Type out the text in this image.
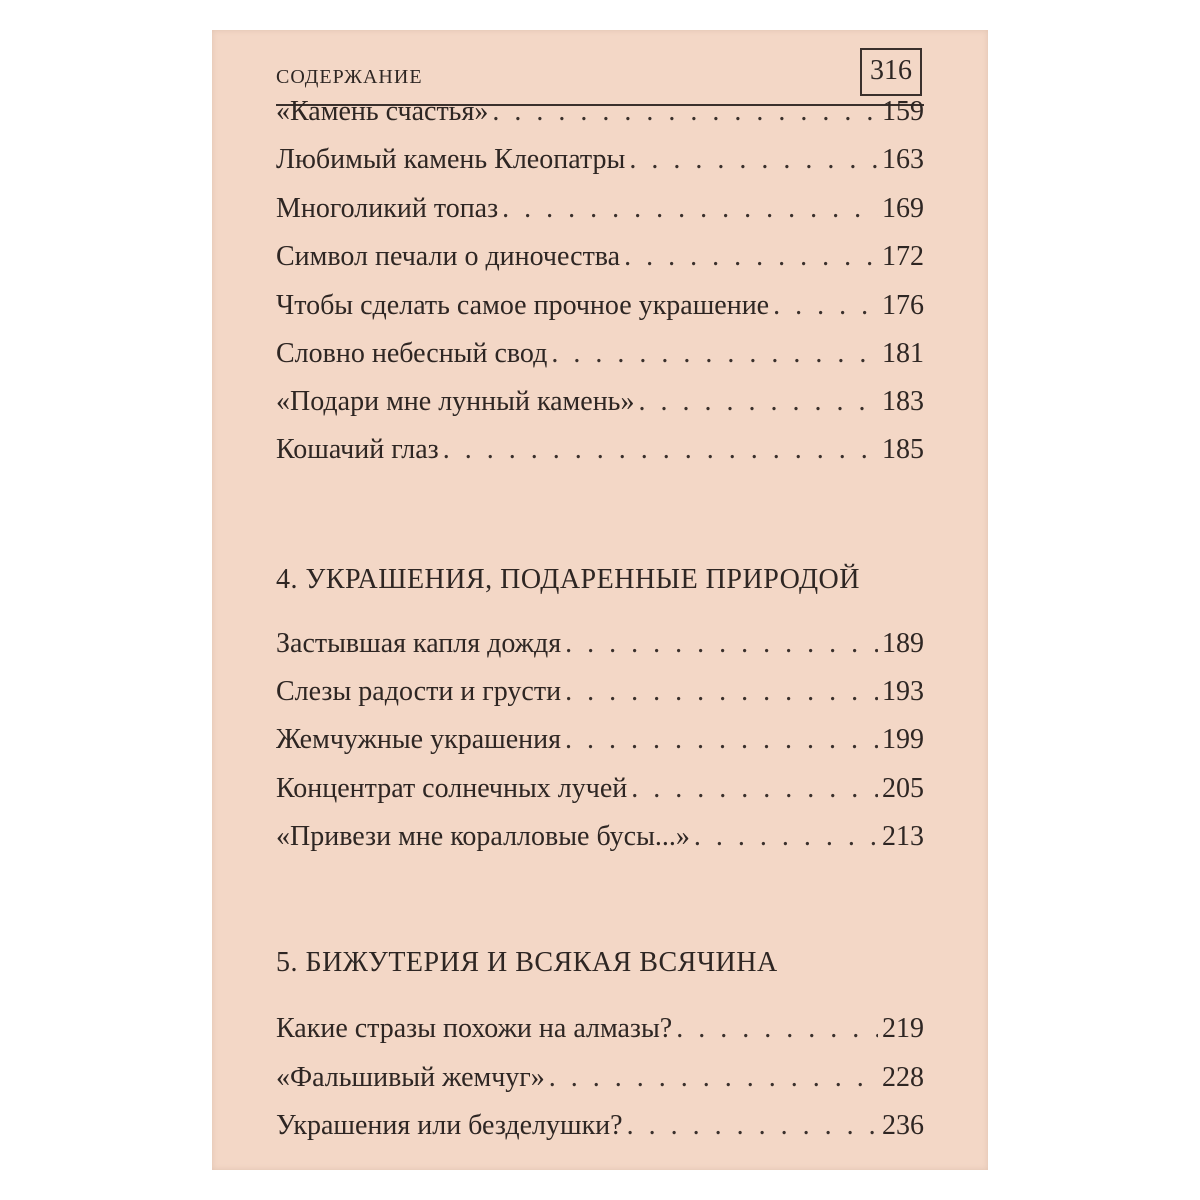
СОДЕРЖАНИЕ	316
«Камень счастья» . . .	159
Любимый камень Клеопатры . . .	163
Многоликий топаз . . .	169
Символ печали о диночества . . .	172
Чтобы сделать самое прочное украшение . . .	176
Словно небесный свод . . .	181
«Подари мне лунный камень» . . .	183
Кошачий глаз . . .	185
4. УКРАШЕНИЯ, ПОДАРЕННЫЕ ПРИРОДОЙ
Застывшая капля дождя . . .	189
Слезы радости и грусти . . .	193
Жемчужные украшения . . .	199
Концентрат солнечных лучей . . .	205
«Привези мне коралловые бусы...» . . .	213
5. БИЖУТЕРИЯ И ВСЯКАЯ ВСЯЧИНА
Какие стразы похожи на алмазы? . . .	219
«Фальшивый жемчуг» . . .	228
Украшения или безделушки? . . .	236
